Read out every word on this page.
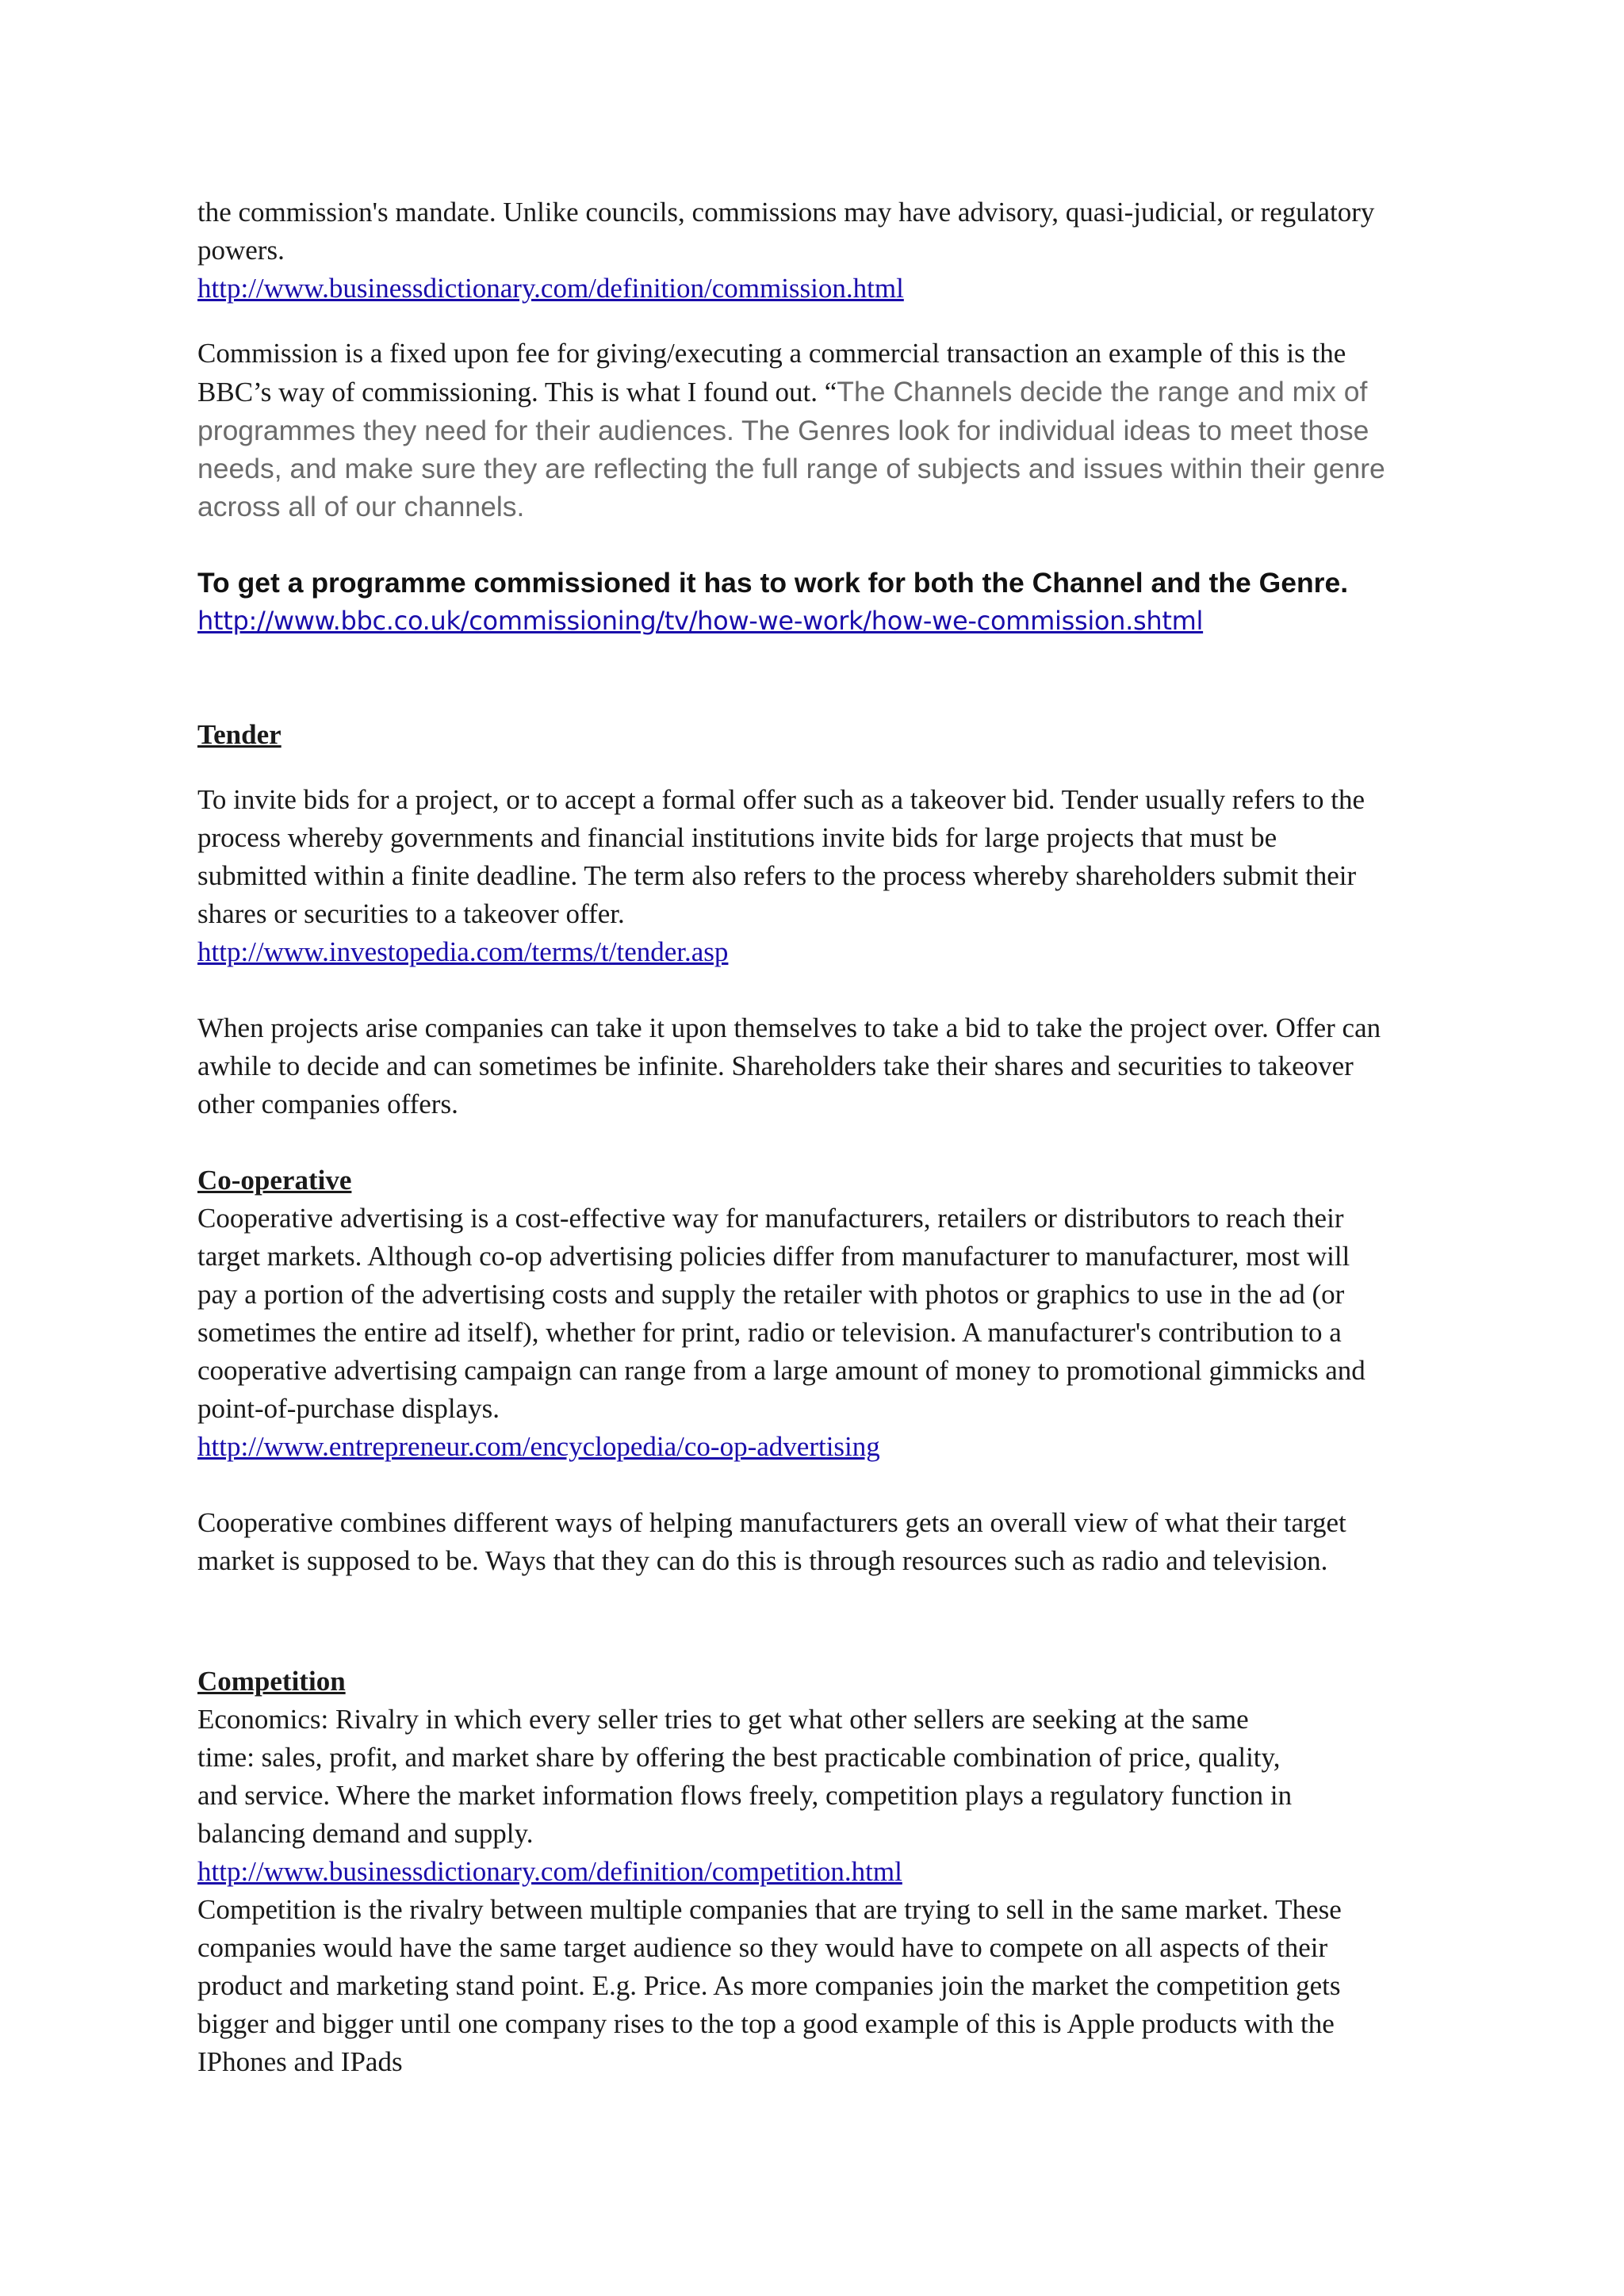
the commission's mandate. Unlike councils, commissions may have advisory, quasi-judicial, or regulatory

powers.

http://www.businessdictionary.com/definition/commission.html

Commission is a fixed upon fee for giving/executing a commercial transaction an example of this is the

BBC’s way of commissioning. This is what I found out. “The Channels decide the range and mix of

programmes they need for their audiences. The Genres look for individual ideas to meet those

needs, and make sure they are reflecting the full range of subjects and issues within their genre

across all of our channels.

To get a programme commissioned it has to work for both the Channel and the Genre.

http://www.bbc.co.uk/commissioning/tv/how-we-work/how-we-commission.shtml

Tender

To invite bids for a project, or to accept a formal offer such as a takeover bid. Tender usually refers to the

process whereby governments and financial institutions invite bids for large projects that must be

submitted within a finite deadline. The term also refers to the process whereby shareholders submit their

shares or securities to a takeover offer.

http://www.investopedia.com/terms/t/tender.asp

When projects arise companies can take it upon themselves to take a bid to take the project over. Offer can

awhile to decide and can sometimes be infinite. Shareholders take their shares and securities to takeover

other companies offers.

Co-operative

Cooperative advertising is a cost-effective way for manufacturers, retailers or distributors to reach their

target markets. Although co-op advertising policies differ from manufacturer to manufacturer, most will

pay a portion of the advertising costs and supply the retailer with photos or graphics to use in the ad (or

sometimes the entire ad itself), whether for print, radio or television. A manufacturer's contribution to a

cooperative advertising campaign can range from a large amount of money to promotional gimmicks and

point-of-purchase displays.

http://www.entrepreneur.com/encyclopedia/co-op-advertising

Cooperative combines different ways of helping manufacturers gets an overall view of what their target

market is supposed to be. Ways that they can do this is through resources such as radio and television.

Competition

Economics: Rivalry in which every seller tries to get what other sellers are seeking at the same

time: sales, profit, and market share by offering the best practicable combination of price, quality,

and service. Where the market information flows freely, competition plays a regulatory function in

balancing demand and supply.

http://www.businessdictionary.com/definition/competition.html

Competition is the rivalry between multiple companies that are trying to sell in the same market. These

companies would have the same target audience so they would have to compete on all aspects of their

product and marketing stand point. E.g. Price. As more companies join the market the competition gets

bigger and bigger until one company rises to the top a good example of this is Apple products with the

IPhones and IPads
